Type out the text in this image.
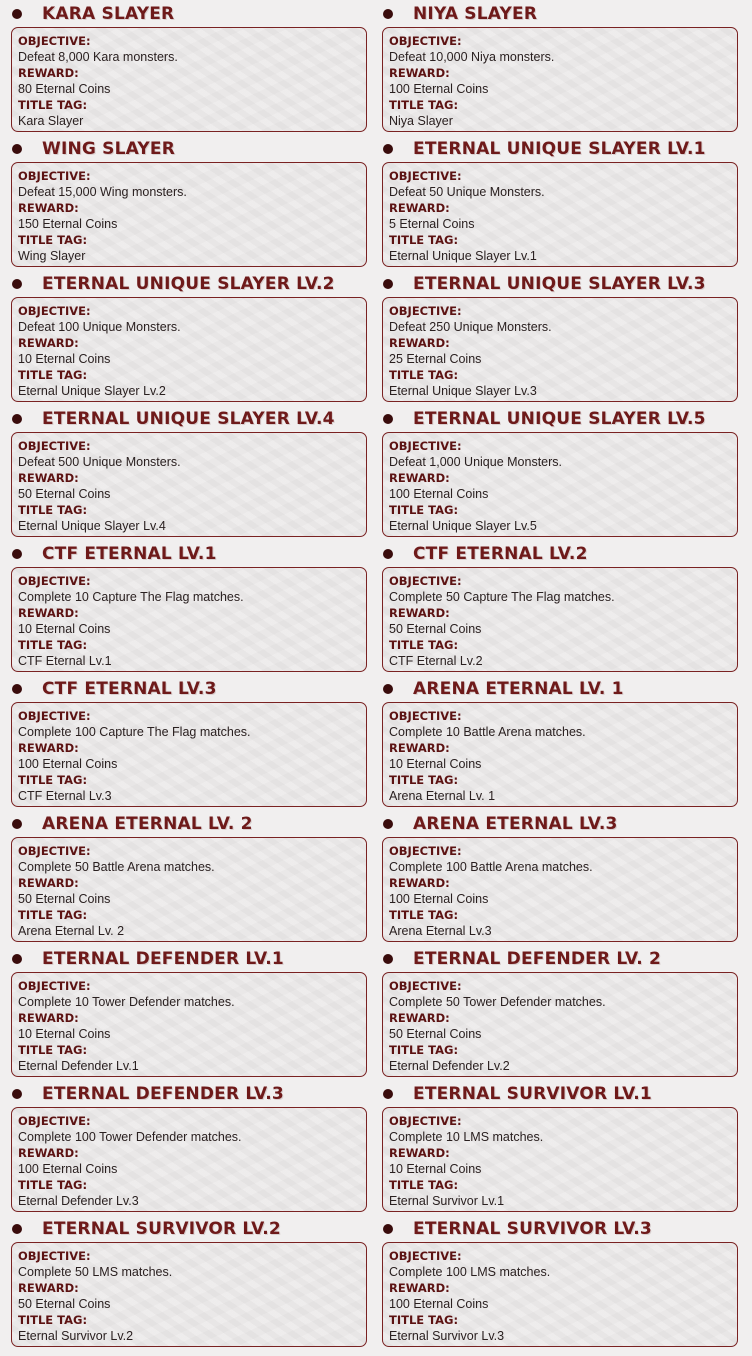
KARA SLAYER
OBJECTIVE:
Defeat 8,000 Kara monsters.
REWARD:
80 Eternal Coins
TITLE TAG:
Kara Slayer
NIYA SLAYER
OBJECTIVE:
Defeat 10,000 Niya monsters.
REWARD:
100 Eternal Coins
TITLE TAG:
Niya Slayer
WING SLAYER
OBJECTIVE:
Defeat 15,000 Wing monsters.
REWARD:
150 Eternal Coins
TITLE TAG:
Wing Slayer
ETERNAL UNIQUE SLAYER LV.1
OBJECTIVE:
Defeat 50 Unique Monsters.
REWARD:
5 Eternal Coins
TITLE TAG:
Eternal Unique Slayer Lv.1
ETERNAL UNIQUE SLAYER LV.2
OBJECTIVE:
Defeat 100 Unique Monsters.
REWARD:
10 Eternal Coins
TITLE TAG:
Eternal Unique Slayer Lv.2
ETERNAL UNIQUE SLAYER LV.3
OBJECTIVE:
Defeat 250 Unique Monsters.
REWARD:
25 Eternal Coins
TITLE TAG:
Eternal Unique Slayer Lv.3
ETERNAL UNIQUE SLAYER LV.4
OBJECTIVE:
Defeat 500 Unique Monsters.
REWARD:
50 Eternal Coins
TITLE TAG:
Eternal Unique Slayer Lv.4
ETERNAL UNIQUE SLAYER LV.5
OBJECTIVE:
Defeat 1,000 Unique Monsters.
REWARD:
100 Eternal Coins
TITLE TAG:
Eternal Unique Slayer Lv.5
CTF ETERNAL LV.1
OBJECTIVE:
Complete 10 Capture The Flag matches.
REWARD:
10 Eternal Coins
TITLE TAG:
CTF Eternal Lv.1
CTF ETERNAL LV.2
OBJECTIVE:
Complete 50 Capture The Flag matches.
REWARD:
50 Eternal Coins
TITLE TAG:
CTF Eternal Lv.2
CTF ETERNAL LV.3
OBJECTIVE:
Complete 100 Capture The Flag matches.
REWARD:
100 Eternal Coins
TITLE TAG:
CTF Eternal Lv.3
ARENA ETERNAL LV. 1
OBJECTIVE:
Complete 10 Battle Arena matches.
REWARD:
10 Eternal Coins
TITLE TAG:
Arena Eternal Lv. 1
ARENA ETERNAL LV. 2
OBJECTIVE:
Complete 50 Battle Arena matches.
REWARD:
50 Eternal Coins
TITLE TAG:
Arena Eternal Lv. 2
ARENA ETERNAL LV.3
OBJECTIVE:
Complete 100 Battle Arena matches.
REWARD:
100 Eternal Coins
TITLE TAG:
Arena Eternal Lv.3
ETERNAL DEFENDER LV.1
OBJECTIVE:
Complete 10 Tower Defender matches.
REWARD:
10 Eternal Coins
TITLE TAG:
Eternal Defender Lv.1
ETERNAL DEFENDER LV. 2
OBJECTIVE:
Complete 50 Tower Defender matches.
REWARD:
50 Eternal Coins
TITLE TAG:
Eternal Defender Lv.2
ETERNAL DEFENDER LV.3
OBJECTIVE:
Complete 100 Tower Defender matches.
REWARD:
100 Eternal Coins
TITLE TAG:
Eternal Defender Lv.3
ETERNAL SURVIVOR LV.1
OBJECTIVE:
Complete 10 LMS matches.
REWARD:
10 Eternal Coins
TITLE TAG:
Eternal Survivor Lv.1
ETERNAL SURVIVOR LV.2
OBJECTIVE:
Complete 50 LMS matches.
REWARD:
50 Eternal Coins
TITLE TAG:
Eternal Survivor Lv.2
ETERNAL SURVIVOR LV.3
OBJECTIVE:
Complete 100 LMS matches.
REWARD:
100 Eternal Coins
TITLE TAG:
Eternal Survivor Lv.3
